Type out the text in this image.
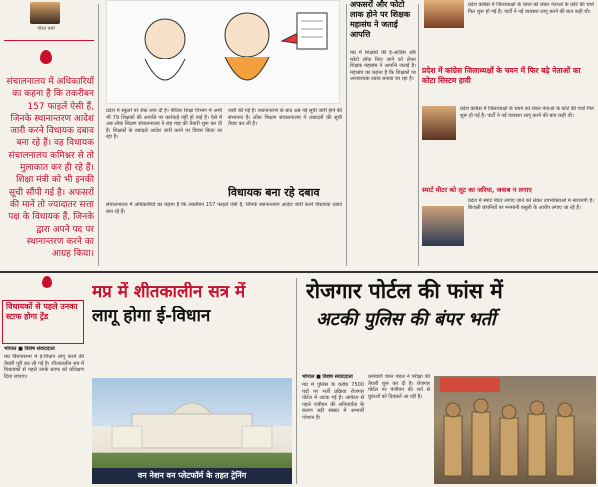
गौरव वर्मा
संचालनालय में अधिकारियों का कहना है कि तकरीबन 157 फाइलें ऐसी हैं, जिनके स्थानान्तरण आदेश जारी करने विधायक दबाव बना रहे हैं। वह विधायक संचालनालय कमिश्नर से तो मुलाकात कर ही रहे हैं। शिक्षा मंत्री को भी इनकी सूची सौंपी गई है। अफसरों की मानें तो ज्यादातर सत्ता पक्ष के विधायक हैं, जिनके द्वारा अपने पद पर स्थानान्तरण करने का आग्रह किया।
प्रदेश में स्कूलों पर रोक लगा दी है। नीतिश शिक्षा विभाग में अभी भी 79 शिक्षकों की आपत्ति पर कार्रवाई नहीं हो पाई है। ऐसे में अब लोक शिक्षण संचालनालय ने छह माह की तैयारी शुरू कर दी है। शिक्षकों के तबादले आदेश जारी करने पर विचार किया जा रहा है।
जारी की गई है। स्थानान्तरण के बाद अब नई सूची जारी होने की संभावना है। लोक शिक्षण संचालनालय ने तबादलों की सूची तैयार कर ली है।
विधायक बना रहे दबाव
संचालनालय में अधिकारियों का कहना है कि तकरीबन 157 फाइलें ऐसी हैं, जिनके स्थानान्तरण आदेश जारी करने विधायक दबाव बना रहे हैं।
अफसरों और फोटो लाक होने पर शिक्षक महासंघ ने जताई आपत्ति
मप्र में शिक्षकों की ई-अटेंडेंस और फोटो लॉक किए जाने को लेकर शिक्षक महासंघ ने आपत्ति जताई है। महासंघ का कहना है कि शिक्षकों पर अनावश्यक दबाव बनाया जा रहा है।
प्रदेश कांग्रेस में जिलाध्यक्षों के चयन को लेकर नेताओं के कोटे की चर्चा फिर शुरू हो गई है। पार्टी ने नई व्यवस्था लागू करने की बात कही थी।
प्रदेश में कांग्रेस जिलाध्यक्षों के चयन में फिर बढ़े नेताओं का कोटा सिस्टम हावी
प्रदेश कांग्रेस में जिलाध्यक्षों के चयन को लेकर नेताओं के कोटे की चर्चा फिर शुरू हो गई है। पार्टी ने नई व्यवस्था लागू करने की बात कही थी।
स्मार्ट मीटर को लूट का जरिया, जवाब न लगाए
प्रदेश में स्मार्ट मीटर लगाए जाने को लेकर उपभोक्ताओं में नाराजगी है। बिजली कंपनियों पर मनमानी वसूली के आरोप लगाए जा रहे हैं।
विधायकों से पहले उनका स्टाफ होगा ट्रेंड
भोपाल ■ विशेष संवाददाता
मप्र विधानसभा में ई-विधान लागू करने की तैयारी पूरी कर ली गई है। शीतकालीन सत्र में विधायकों से पहले उनके स्टाफ को प्रशिक्षण दिया जाएगा।
मप्र में शीतकालीन सत्र में
लागू होगा ई-विधान
वन नेशन वन प्लेटफॉर्म के तहत ट्रेनिंग
रोजगार पोर्टल की फांस में
अटकी पुलिस की बंपर भर्ती
भोपाल ■ विशेष संवाददाता
मप्र में पुलिस के करीब 7500 पदों पर भर्ती प्रक्रिया रोजगार पोर्टल में अटक गई है। आवेदन से पहले पंजीयन की अनिवार्यता के कारण बड़ी संख्या में अभ्यर्थी परेशान हैं।
कर्मचारी चयन मंडल ने परीक्षा की तैयारी शुरू कर दी है। रोजगार पोर्टल पर पंजीयन की शर्त से युवाओं को दिक्कतें आ रही हैं।
